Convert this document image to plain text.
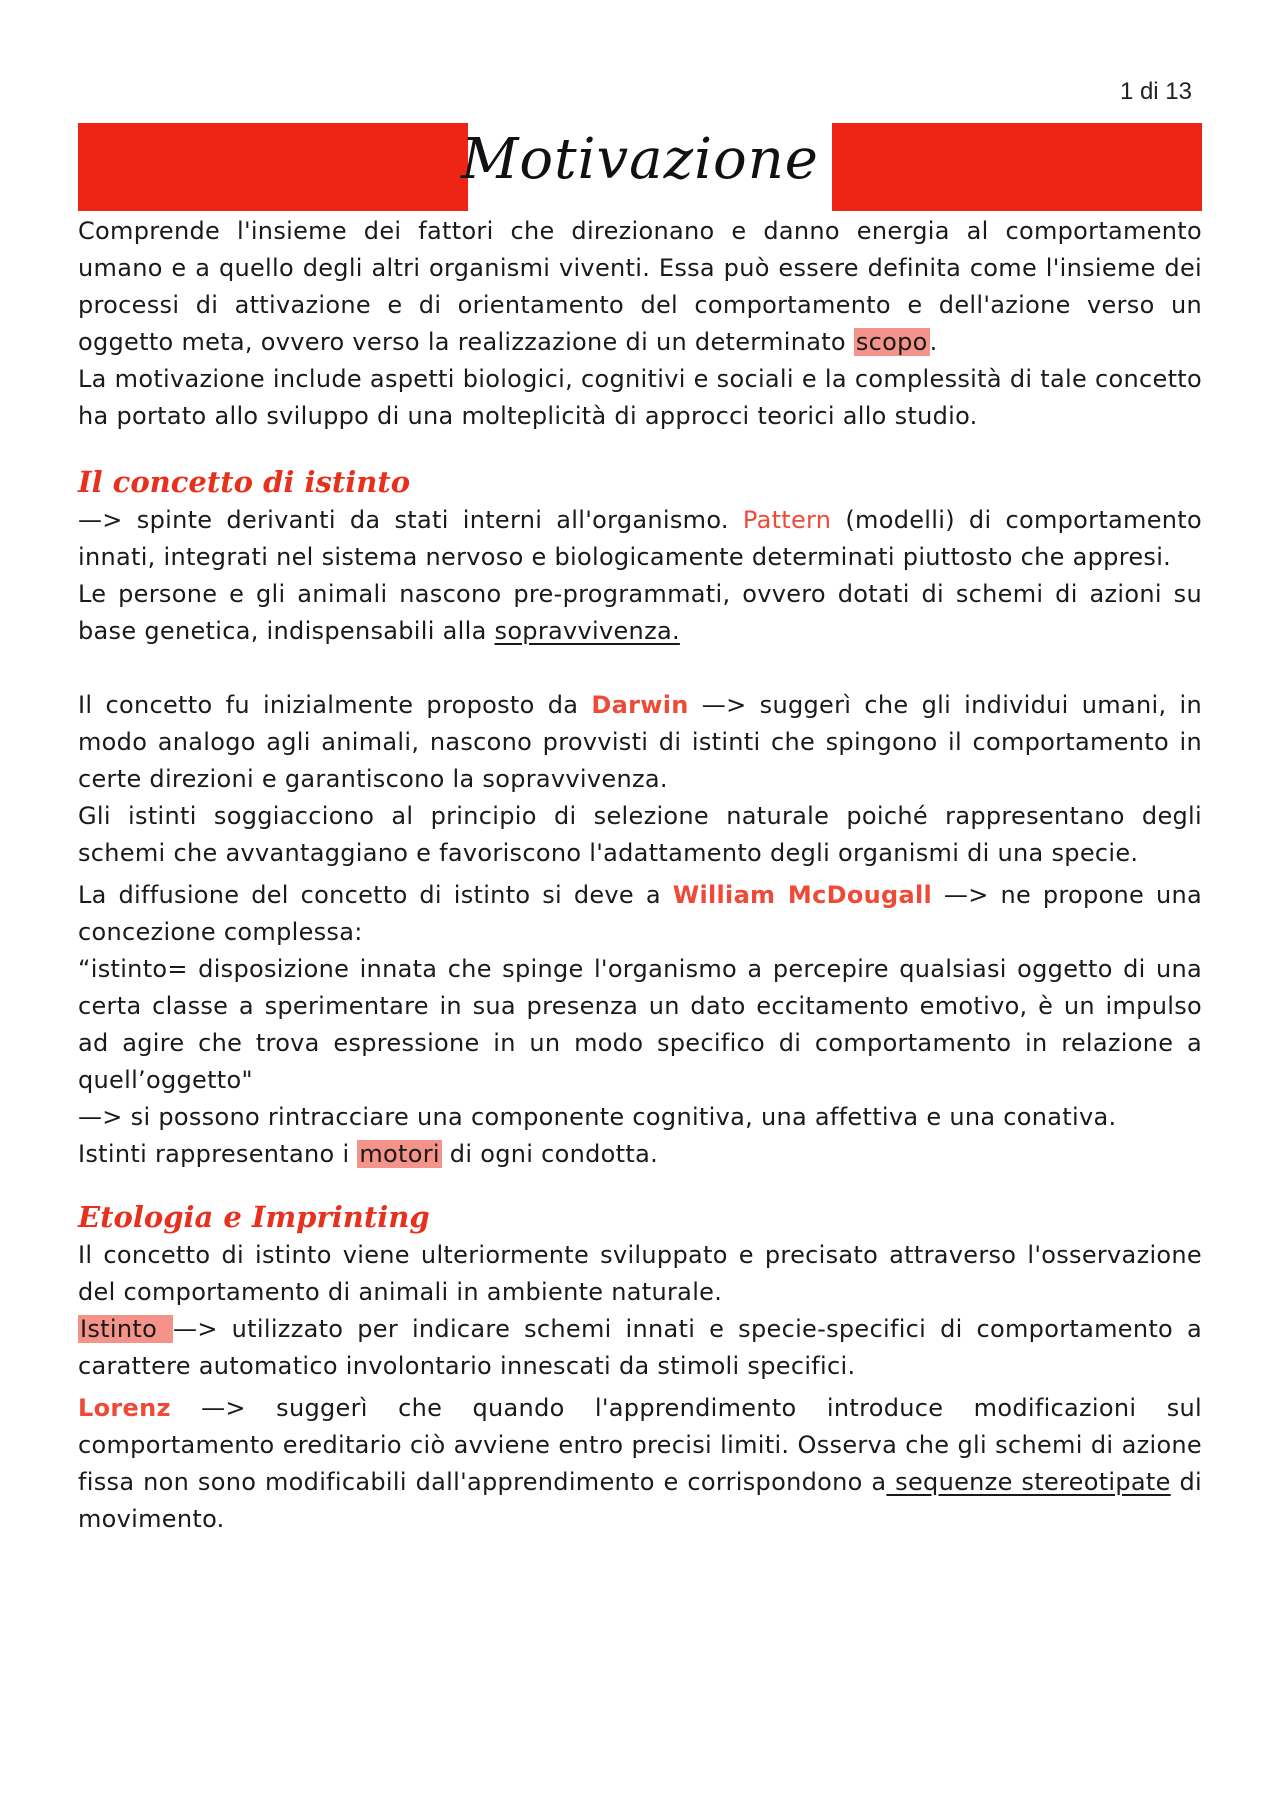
1 di 13
Motivazione

Comprende l'insieme dei fattori che direzionano e danno energia al comportamento umano e a quello degli altri organismi viventi. Essa può essere definita come l'insieme dei processi di attivazione e di orientamento del comportamento e dell'azione verso un oggetto meta, ovvero verso la realizzazione di un determinato scopo.

La motivazione include aspetti biologici, cognitivi e sociali e la complessità di tale concetto ha portato allo sviluppo di una molteplicità di approcci teorici allo studio.

Il concetto di istinto

—> spinte derivanti da stati interni all'organismo. Pattern (modelli) di comportamento innati, integrati nel sistema nervoso e biologicamente determinati piuttosto che appresi.

Le persone e gli animali nascono pre-programmati, ovvero dotati di schemi di azioni su base genetica, indispensabili alla sopravvivenza.

Il concetto fu inizialmente proposto da Darwin —> suggerì che gli individui umani, in modo analogo agli animali, nascono provvisti di istinti che spingono il comportamento in certe direzioni e garantiscono la sopravvivenza.

Gli istinti soggiacciono al principio di selezione naturale poiché rappresentano degli schemi che avvantaggiano e favoriscono l'adattamento degli organismi di una specie.

La diffusione del concetto di istinto si deve a William McDougall —> ne propone una concezione complessa:

“istinto= disposizione innata che spinge l'organismo a percepire qualsiasi oggetto di una certa classe a sperimentare in sua presenza un dato eccitamento emotivo, è un impulso ad agire che trova espressione in un modo specifico di comportamento in relazione a quell’oggetto"

—> si possono rintracciare una componente cognitiva, una affettiva e una conativa.

Istinti rappresentano i motori di ogni condotta.

Etologia e Imprinting

Il concetto di istinto viene ulteriormente sviluppato e precisato attraverso l'osservazione del comportamento di animali in ambiente naturale.

Istinto —> utilizzato per indicare schemi innati e specie-specifici di comportamento a carattere automatico involontario innescati da stimoli specifici.

Lorenz —> suggerì che quando l'apprendimento introduce modificazioni sul comportamento ereditario ciò avviene entro precisi limiti. Osserva che gli schemi di azione fissa non sono modificabili dall'apprendimento e corrispondono a sequenze stereotipate di movimento.
